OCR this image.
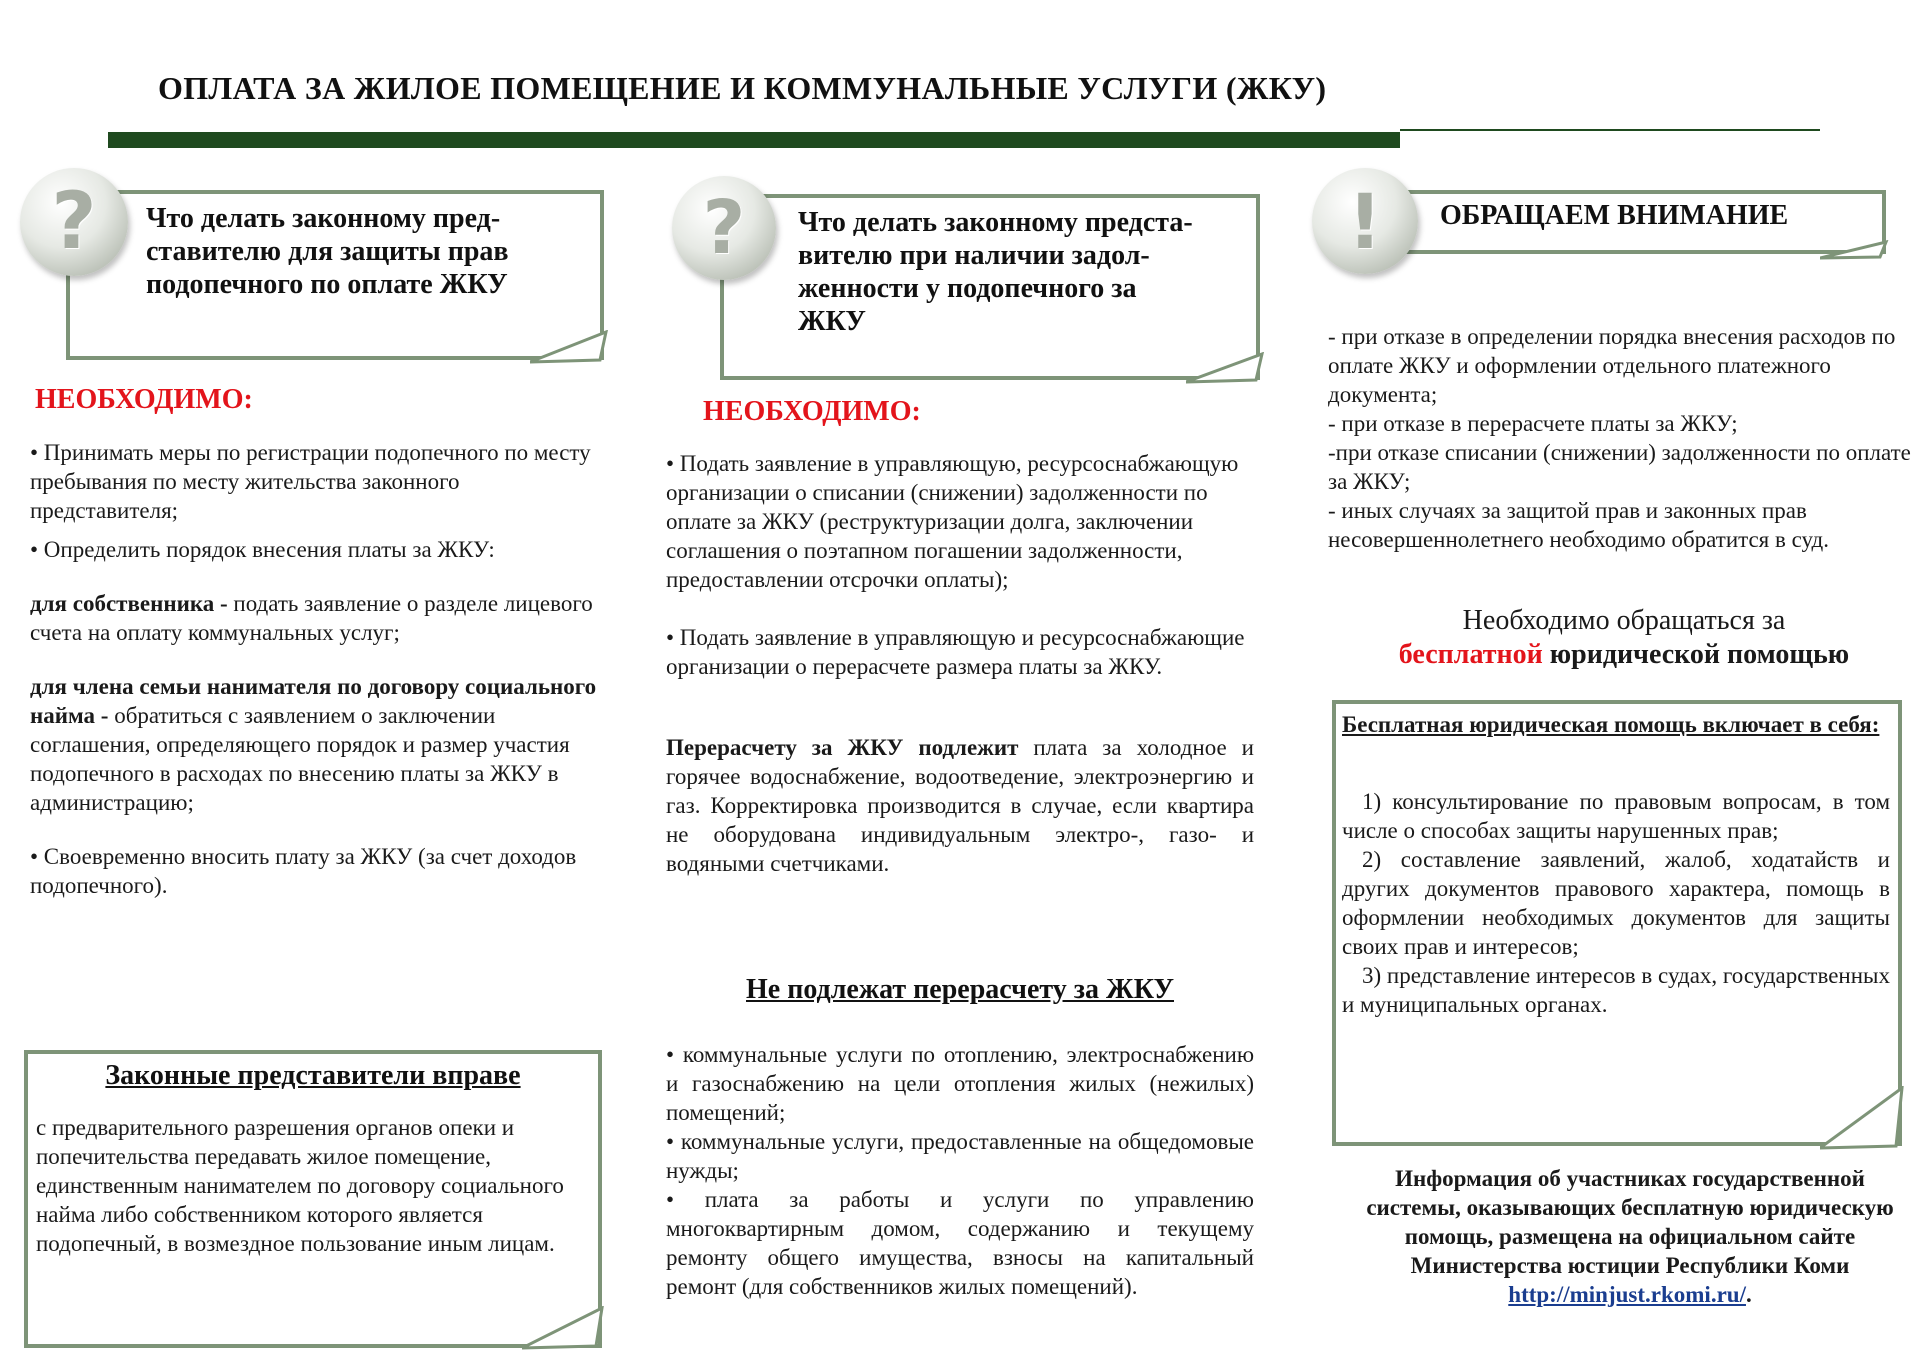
ОПЛАТА ЗА ЖИЛОЕ ПОМЕЩЕНИЕ И КОММУНАЛЬНЫЕ УСЛУГИ (ЖКУ)
?	Что делать законному пред-
ставителю для защиты прав
подопечного по оплате ЖКУ
НЕОБХОДИМО:

• Принимать меры по регистрации подопечного по месту пребывания по месту жительства законного представителя;

• Определить порядок внесения платы за ЖКУ:

для собственника - подать заявление о разделе лицевого счета на оплату коммунальных услуг;

для члена семьи нанимателя по договору социального найма - обратиться с заявлением о заключении соглашения, определяющего порядок и размер участия подопечного в расходах по внесению платы за ЖКУ в администрацию;

• Своевременно вносить плату за ЖКУ (за счет доходов подопечного).

Законные представители вправе
с предварительного разрешения органов опеки и попечительства передавать жилое помещение, единственным нанимателем по договору социального найма либо собственником которого является подопечный, в возмездное пользование иным лицам.
?	Что делать законному предста-
вителю при наличии задол-
женности у подопечного за
ЖКУ
НЕОБХОДИМО:

• Подать заявление в управляющую, ресурсоснабжающую организации о списании (снижении) задолженности по оплате за ЖКУ (реструктуризации долга, заключении соглашения о поэтапном погашении задолженности, предоставлении отсрочки оплаты);

• Подать заявление в управляющую и ресурсоснабжающие организации о перерасчете размера платы за ЖКУ.

Перерасчету за ЖКУ подлежит плата за холодное и горячее водоснабжение, водоотведение, электроэнергию и газ. Корректировка производится в случае, если квартира не оборудована индивидуальным электро-, газо- и водяными счетчиками.

Не подлежат перерасчету за ЖКУ

• коммунальные услуги по отоплению, электроснабжению и газоснабжению на цели отопления жилых (нежилых) помещений;

• коммунальные услуги, предоставленные на общедомовые нужды;

• плата за работы и услуги по управлению многоквартирным домом, содержанию и текущему ремонту общего имущества, взносы на капитальный ремонт (для собственников жилых помещений).

!	ОБРАЩАЕМ ВНИМАНИЕ

- при отказе в определении порядка внесения расходов по оплате ЖКУ и оформлении отдельного платежного документа;

- при отказе в перерасчете платы за ЖКУ;

-при отказе списании (снижении) задолженности по оплате за ЖКУ;

- иных случаях за защитой прав и законных прав несовершеннолетнего необходимо обратится в суд.

Необходимо обращаться за
бесплатной юридической помощью
Бесплатная юридическая помощь включает в себя:

1) консультирование по правовым вопросам, в том числе о способах защиты нарушенных прав;

2) составление заявлений, жалоб, ходатайств и других документов правового характера, помощь в оформлении необходимых документов для защиты своих прав и интересов;

3) представление интересов в судах, государственных и муниципальных органах.

Информация об участниках государственной системы, оказывающих бесплатную юридическую помощь, размещена на официальном сайте Министерства юстиции Республики Коми
http://minjust.rkomi.ru/.
